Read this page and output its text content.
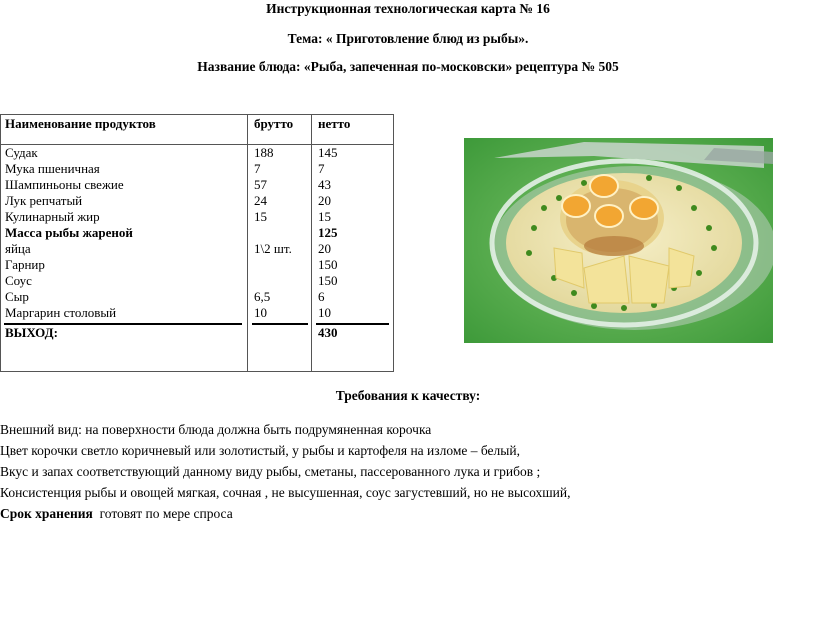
Инструкционная технологическая карта № 16
Тема: « Приготовление блюд из рыбы».
Название блюда: «Рыба, запеченная по-московски» рецептура № 505
Наименование продуктов	брутто нетто
Судак
Мука пшеничная
Шампиньоны свежие
Лук репчатый
Кулинарный жир
Масса рыбы жареной
яйца
Гарнир
Соус
Сыр
Маргарин столовый
188
7
57
24
15
1\2 шт.
6,5
10
145
7
43
20
15
125
20
150
150
6
10
ВЫХОД:	430
Требования к качеству:
Внешний вид: на поверхности блюда должна быть подрумяненная корочка
Цвет корочки светло коричневый или золотистый, у рыбы и картофеля на изломе – белый,
Вкус и запах соответствующий данному виду рыбы, сметаны, пассерованного лука и грибов ;
Консистенция рыбы и овощей мягкая, сочная , не высушенная, соус загустевший, но не высохший,
Срок хранения  готовят по мере спроса
